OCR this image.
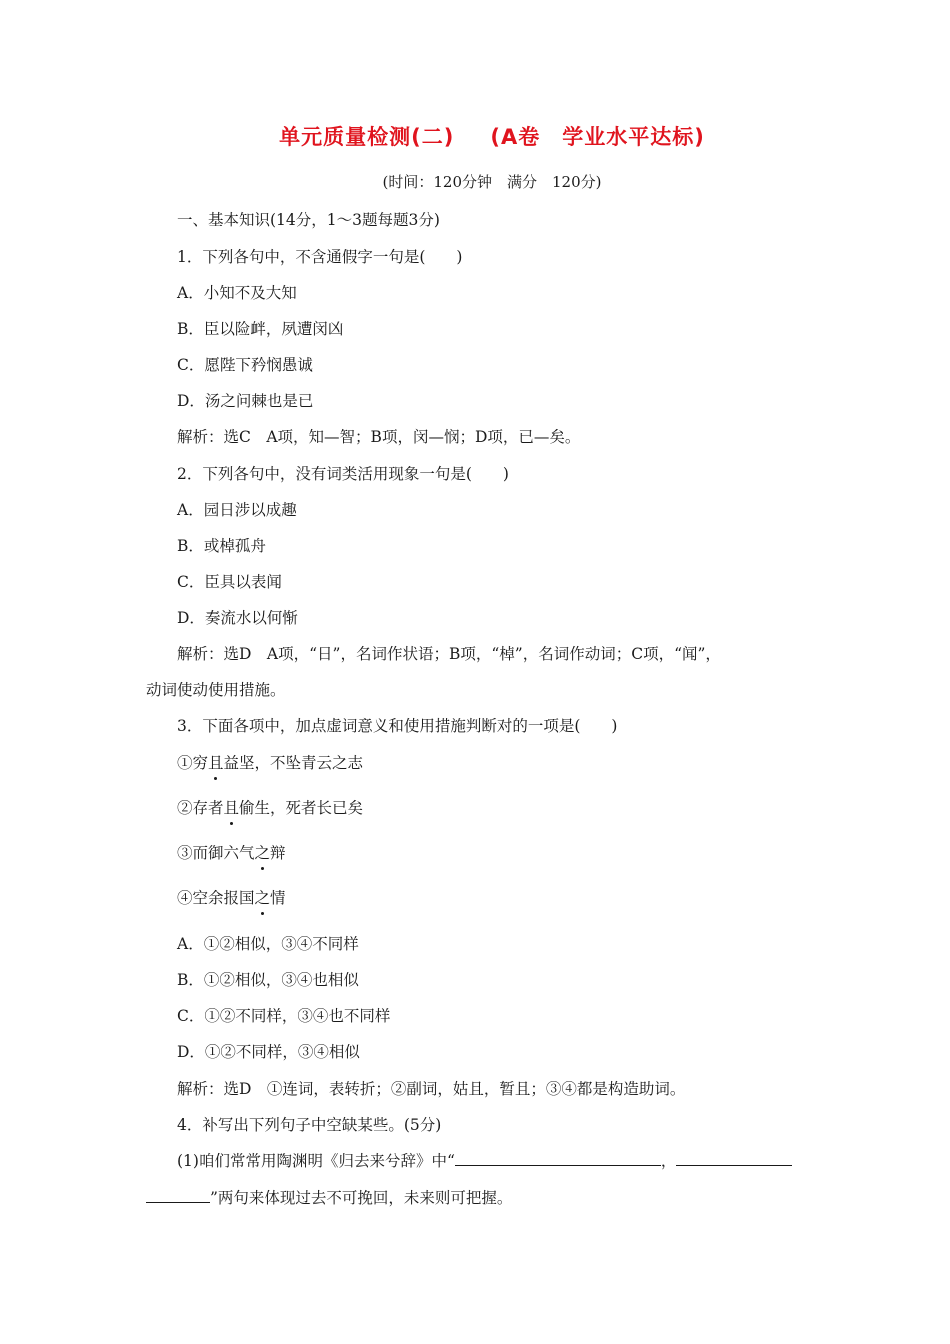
单元质量检测(二) (A卷　学业水平达标)
(时间：120分钟　满分　120分)
一、基本知识(14分，1～3题每题3分)
1．下列各句中，不含通假字一句是(　　)
A．小知不及大知
B．臣以险衅，夙遭闵凶
C．愿陛下矜悯愚诚
D．汤之问棘也是已
解析：选C　A项，知—智；B项，闵—悯；D项，已—矣。
2．下列各句中，没有词类活用现象一句是(　　)
A．园日涉以成趣
B．或棹孤舟
C．臣具以表闻
D．奏流水以何惭
解析：选D　A项，“日”，名词作状语；B项，“棹”，名词作动词；C项，“闻”，
动词使动使用措施。
3．下面各项中，加点虚词意义和使用措施判断对的一项是(　　)
①穷且益坚，不坠青云之志
②存者且偷生，死者长已矣
③而御六气之辩
④空余报国之情
A．①②相似，③④不同样
B．①②相似，③④也相似
C．①②不同样，③④也不同样
D．①②不同样，③④相似
解析：选D　①连词，表转折；②副词，姑且，暂且；③④都是构造助词。
4．补写出下列句子中空缺某些。(5分)
(1)咱们常常用陶渊明《归去来兮辞》中“	，
”两句来体现过去不可挽回，未来则可把握。
